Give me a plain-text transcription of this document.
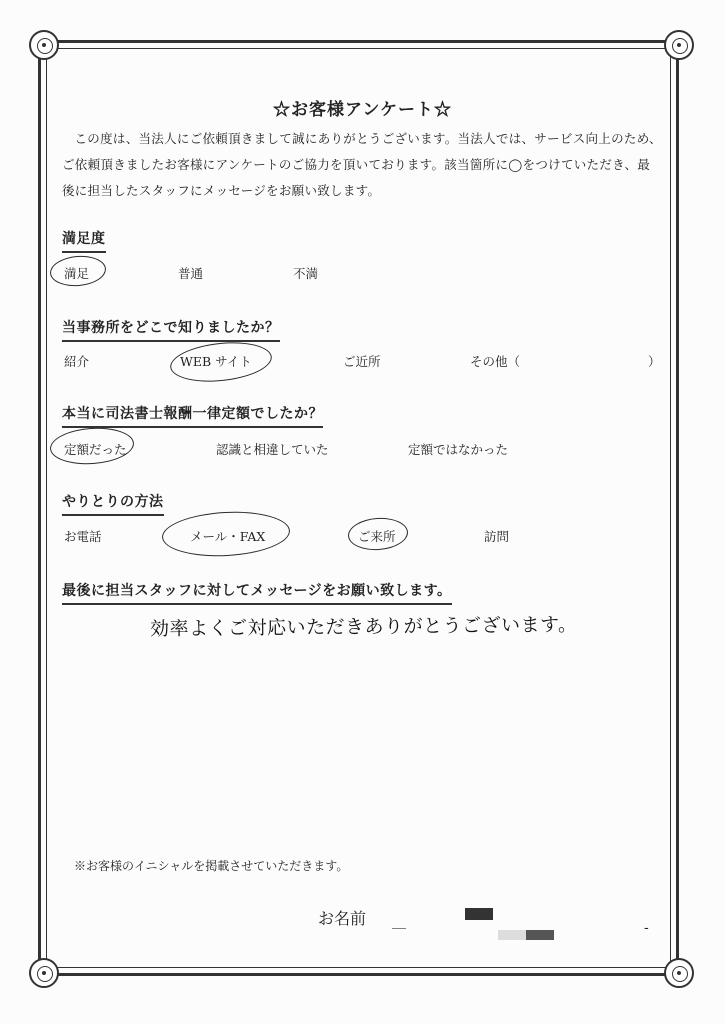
☆お客様アンケート☆
この度は、当法人にご依頼頂きまして誠にありがとうございます。当法人では、サービス向上のため、ご依頼頂きましたお客様にアンケートのご協力を頂いております。該当箇所に◯をつけていただき、最後に担当したスタッフにメッセージをお願い致します。
満足度
満足	普通	不満
当事務所をどこで知りましたか？
紹介	WEB サイト	ご近所	その他（	）
本当に司法書士報酬一律定額でしたか？
定額だった	認識と相違していた	定額ではなかった
やりとりの方法
お電話	メール・FAX	ご来所	訪問
最後に担当スタッフに対してメッセージをお願い致します。
効率よくご対応いただきありがとうございます。
※お客様のイニシャルを掲載させていただきます。
お名前 ＿	-
